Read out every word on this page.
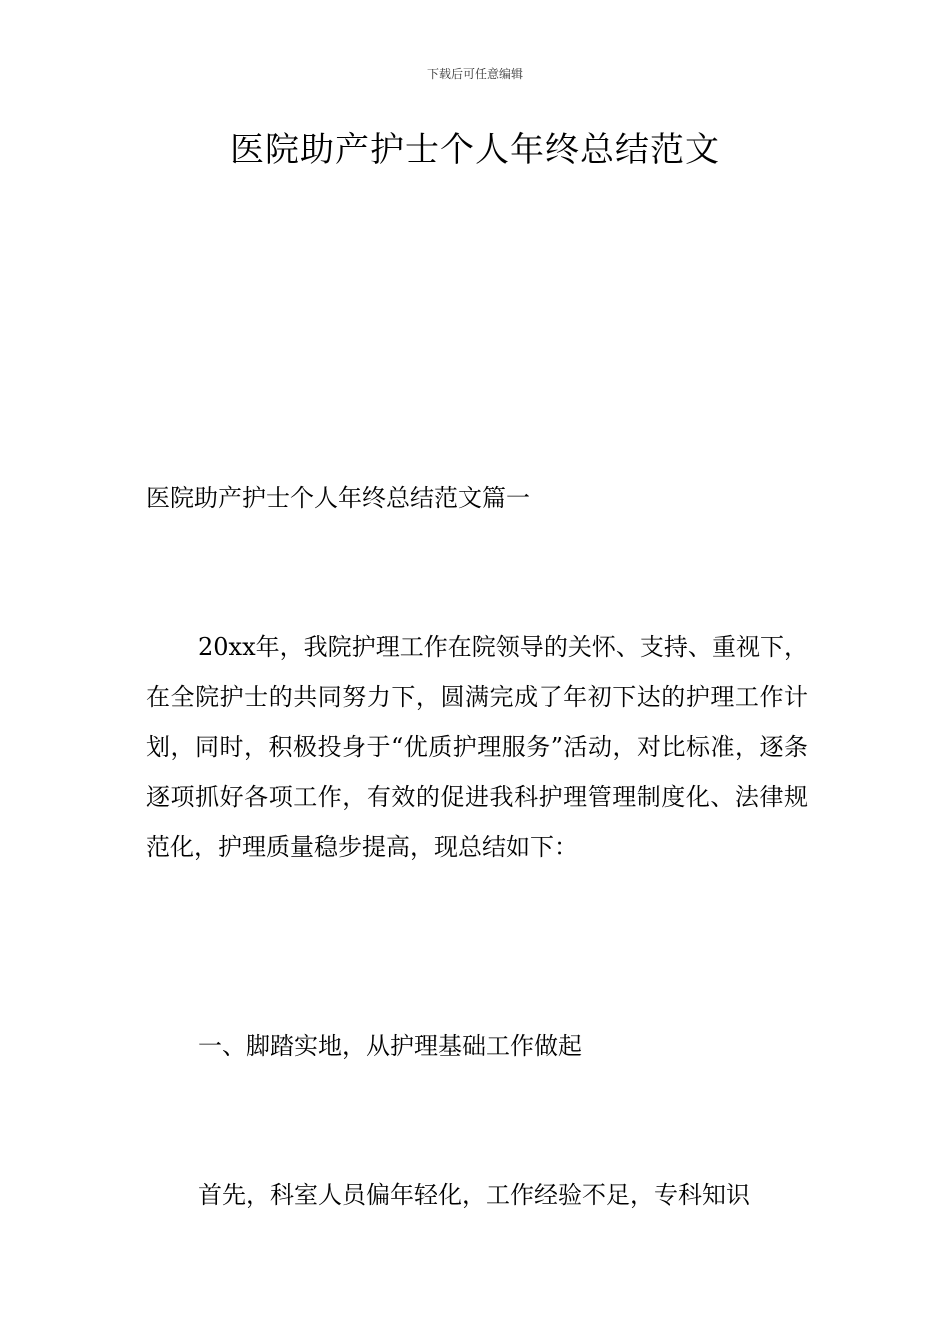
下载后可任意编辑
医院助产护士个人年终总结范文
医院助产护士个人年终总结范文篇一

20xx年，我院护理工作在院领导的关怀、支持、重视下，在全院护士的共同努力下，圆满完成了年初下达的护理工作计划，同时，积极投身于“优质护理服务”活动，对比标准，逐条逐项抓好各项工作，有效的促进我科护理管理制度化、法律规范化，护理质量稳步提高，现总结如下：

一、脚踏实地，从护理基础工作做起

首先，科室人员偏年轻化，工作经验不足，专科知识
